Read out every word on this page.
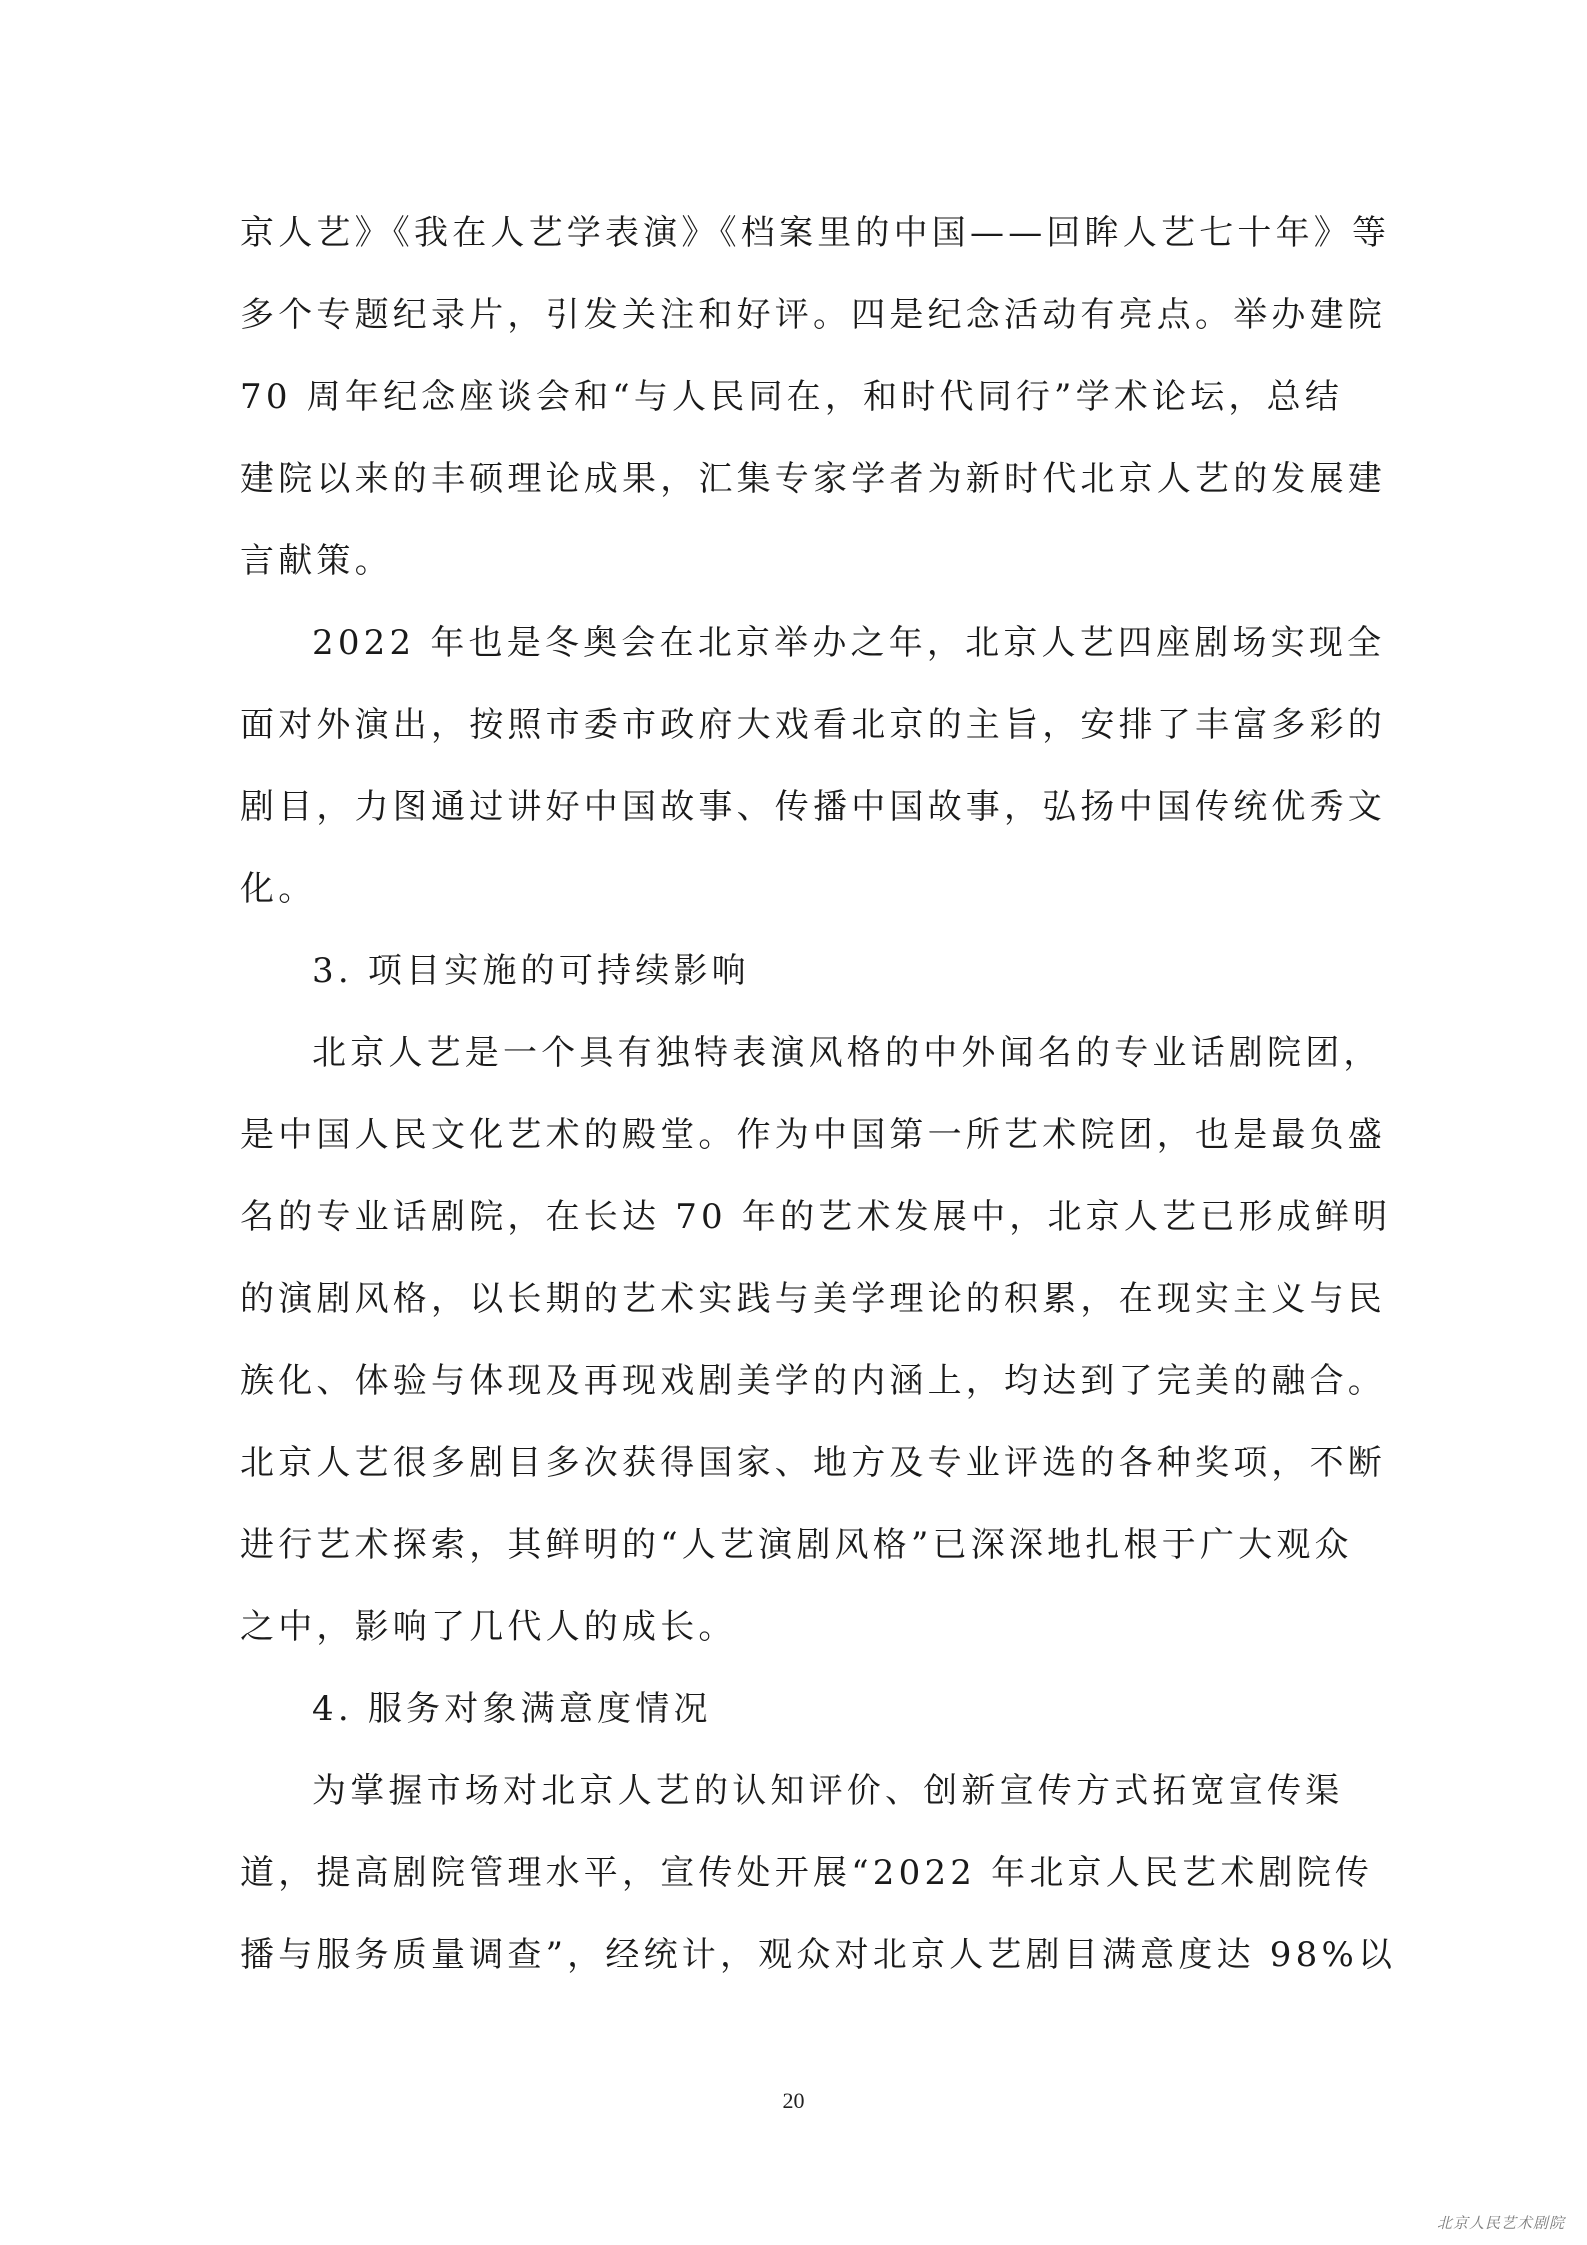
京人艺》《我在人艺学表演》《档案里的中国——回眸人艺七十年》等
多个专题纪录片，引发关注和好评。四是纪念活动有亮点。举办建院
70 周年纪念座谈会和“与人民同在，和时代同行”学术论坛，总结
建院以来的丰硕理论成果，汇集专家学者为新时代北京人艺的发展建
言献策。
2022 年也是冬奥会在北京举办之年，北京人艺四座剧场实现全
面对外演出，按照市委市政府大戏看北京的主旨，安排了丰富多彩的
剧目，力图通过讲好中国故事、传播中国故事，弘扬中国传统优秀文
化。
3. 项目实施的可持续影响
北京人艺是一个具有独特表演风格的中外闻名的专业话剧院团，
是中国人民文化艺术的殿堂。作为中国第一所艺术院团，也是最负盛
名的专业话剧院，在长达 70 年的艺术发展中，北京人艺已形成鲜明
的演剧风格，以长期的艺术实践与美学理论的积累，在现实主义与民
族化、体验与体现及再现戏剧美学的内涵上，均达到了完美的融合。
北京人艺很多剧目多次获得国家、地方及专业评选的各种奖项，不断
进行艺术探索，其鲜明的“人艺演剧风格”已深深地扎根于广大观众
之中，影响了几代人的成长。
4. 服务对象满意度情况
为掌握市场对北京人艺的认知评价、创新宣传方式拓宽宣传渠
道，提高剧院管理水平，宣传处开展“2022 年北京人民艺术剧院传
播与服务质量调查”，经统计，观众对北京人艺剧目满意度达 98%以
20
北京人民艺术剧院
